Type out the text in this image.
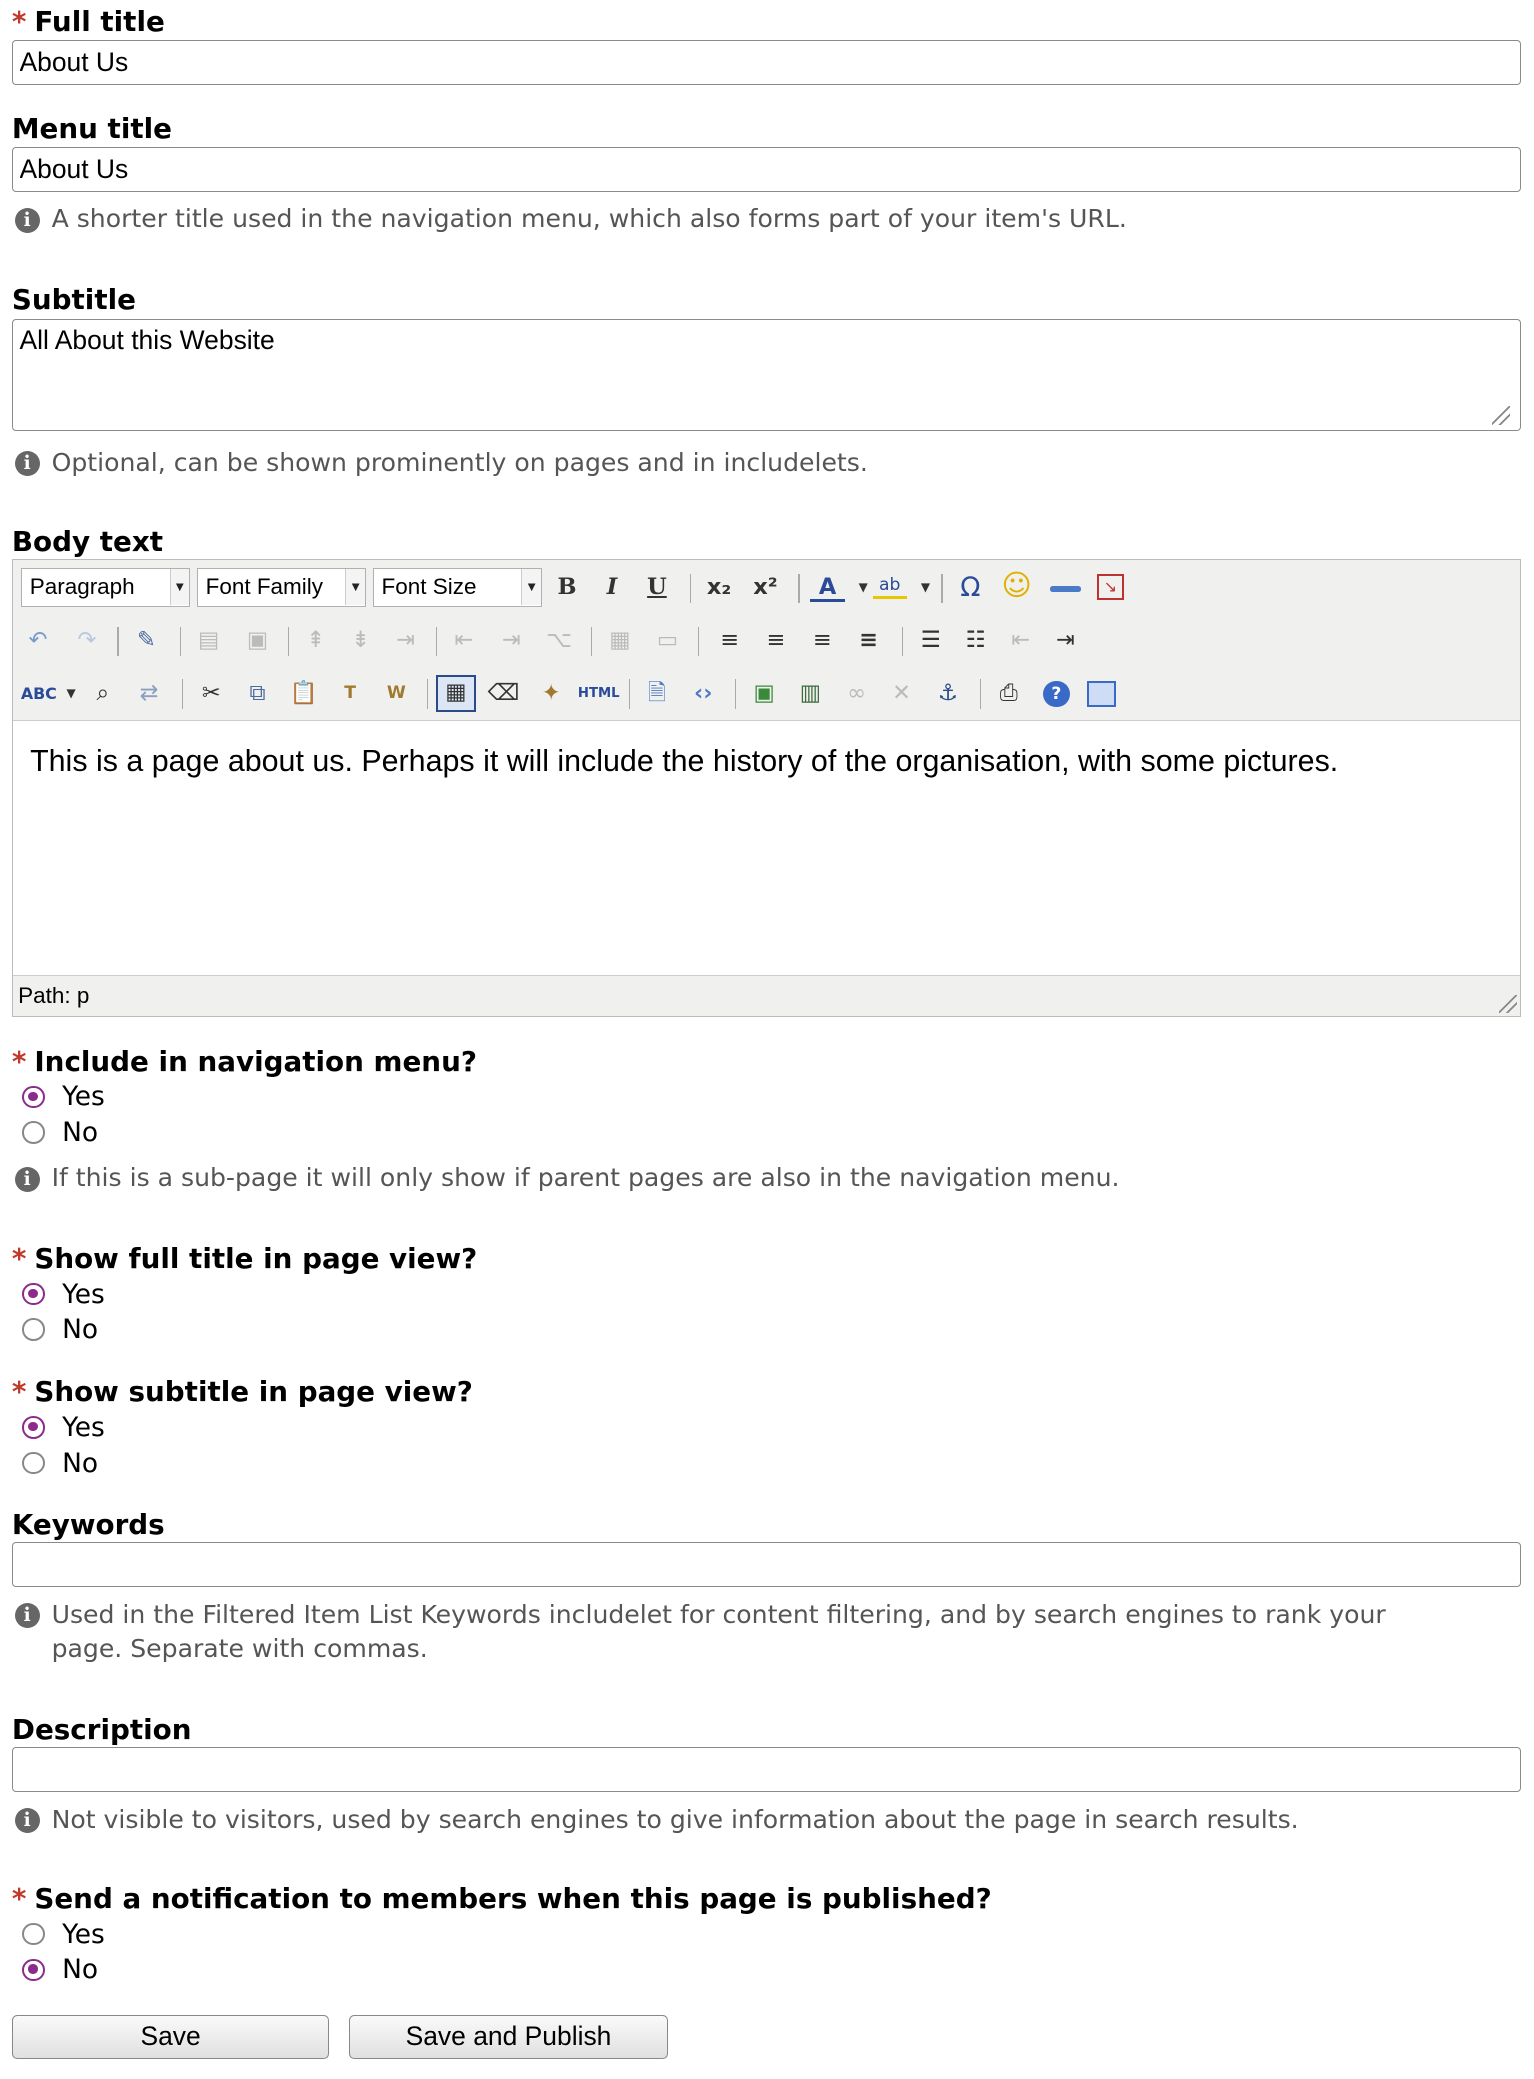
* Full title
About Us
Menu title
About Us
i A shorter title used in the navigation menu, which also forms part of your item's URL.
Subtitle
All About this Website
i Optional, can be shown prominently on pages and in includelets.
Body text
Paragraph	▼	Font Family	▼	Font Size	▼	B	I	U	x₂ x²	A	▼ ab	▼	Ω ☺	↘
↶	↷	✎	▤	▣	⇞	⇟	⇥	⇤	⇥	⌥	▦	▭	≡	≡	≡	≡	☰	☷	⇤	⇥
ABC	▼	⌕	⇄	✂	⧉	📋	T	W	▦	⌫	✦	HTML	🗎	‹›	▣	▥	∞	✕	⚓	⎙	?
This is a page about us. Perhaps it will include the history of the organisation, with some pictures.
Path: p
* Include in navigation menu?
Yes
No
i If this is a sub-page it will only show if parent pages are also in the navigation menu.
* Show full title in page view?
Yes
No
* Show subtitle in page view?
Yes
No
Keywords
i Used in the Filtered Item List Keywords includelet for content filtering, and by search engines to rank your
page. Separate with commas.
Description
i Not visible to visitors, used by search engines to give information about the page in search results.
* Send a notification to members when this page is published?
Yes
No
Save	Save and Publish
